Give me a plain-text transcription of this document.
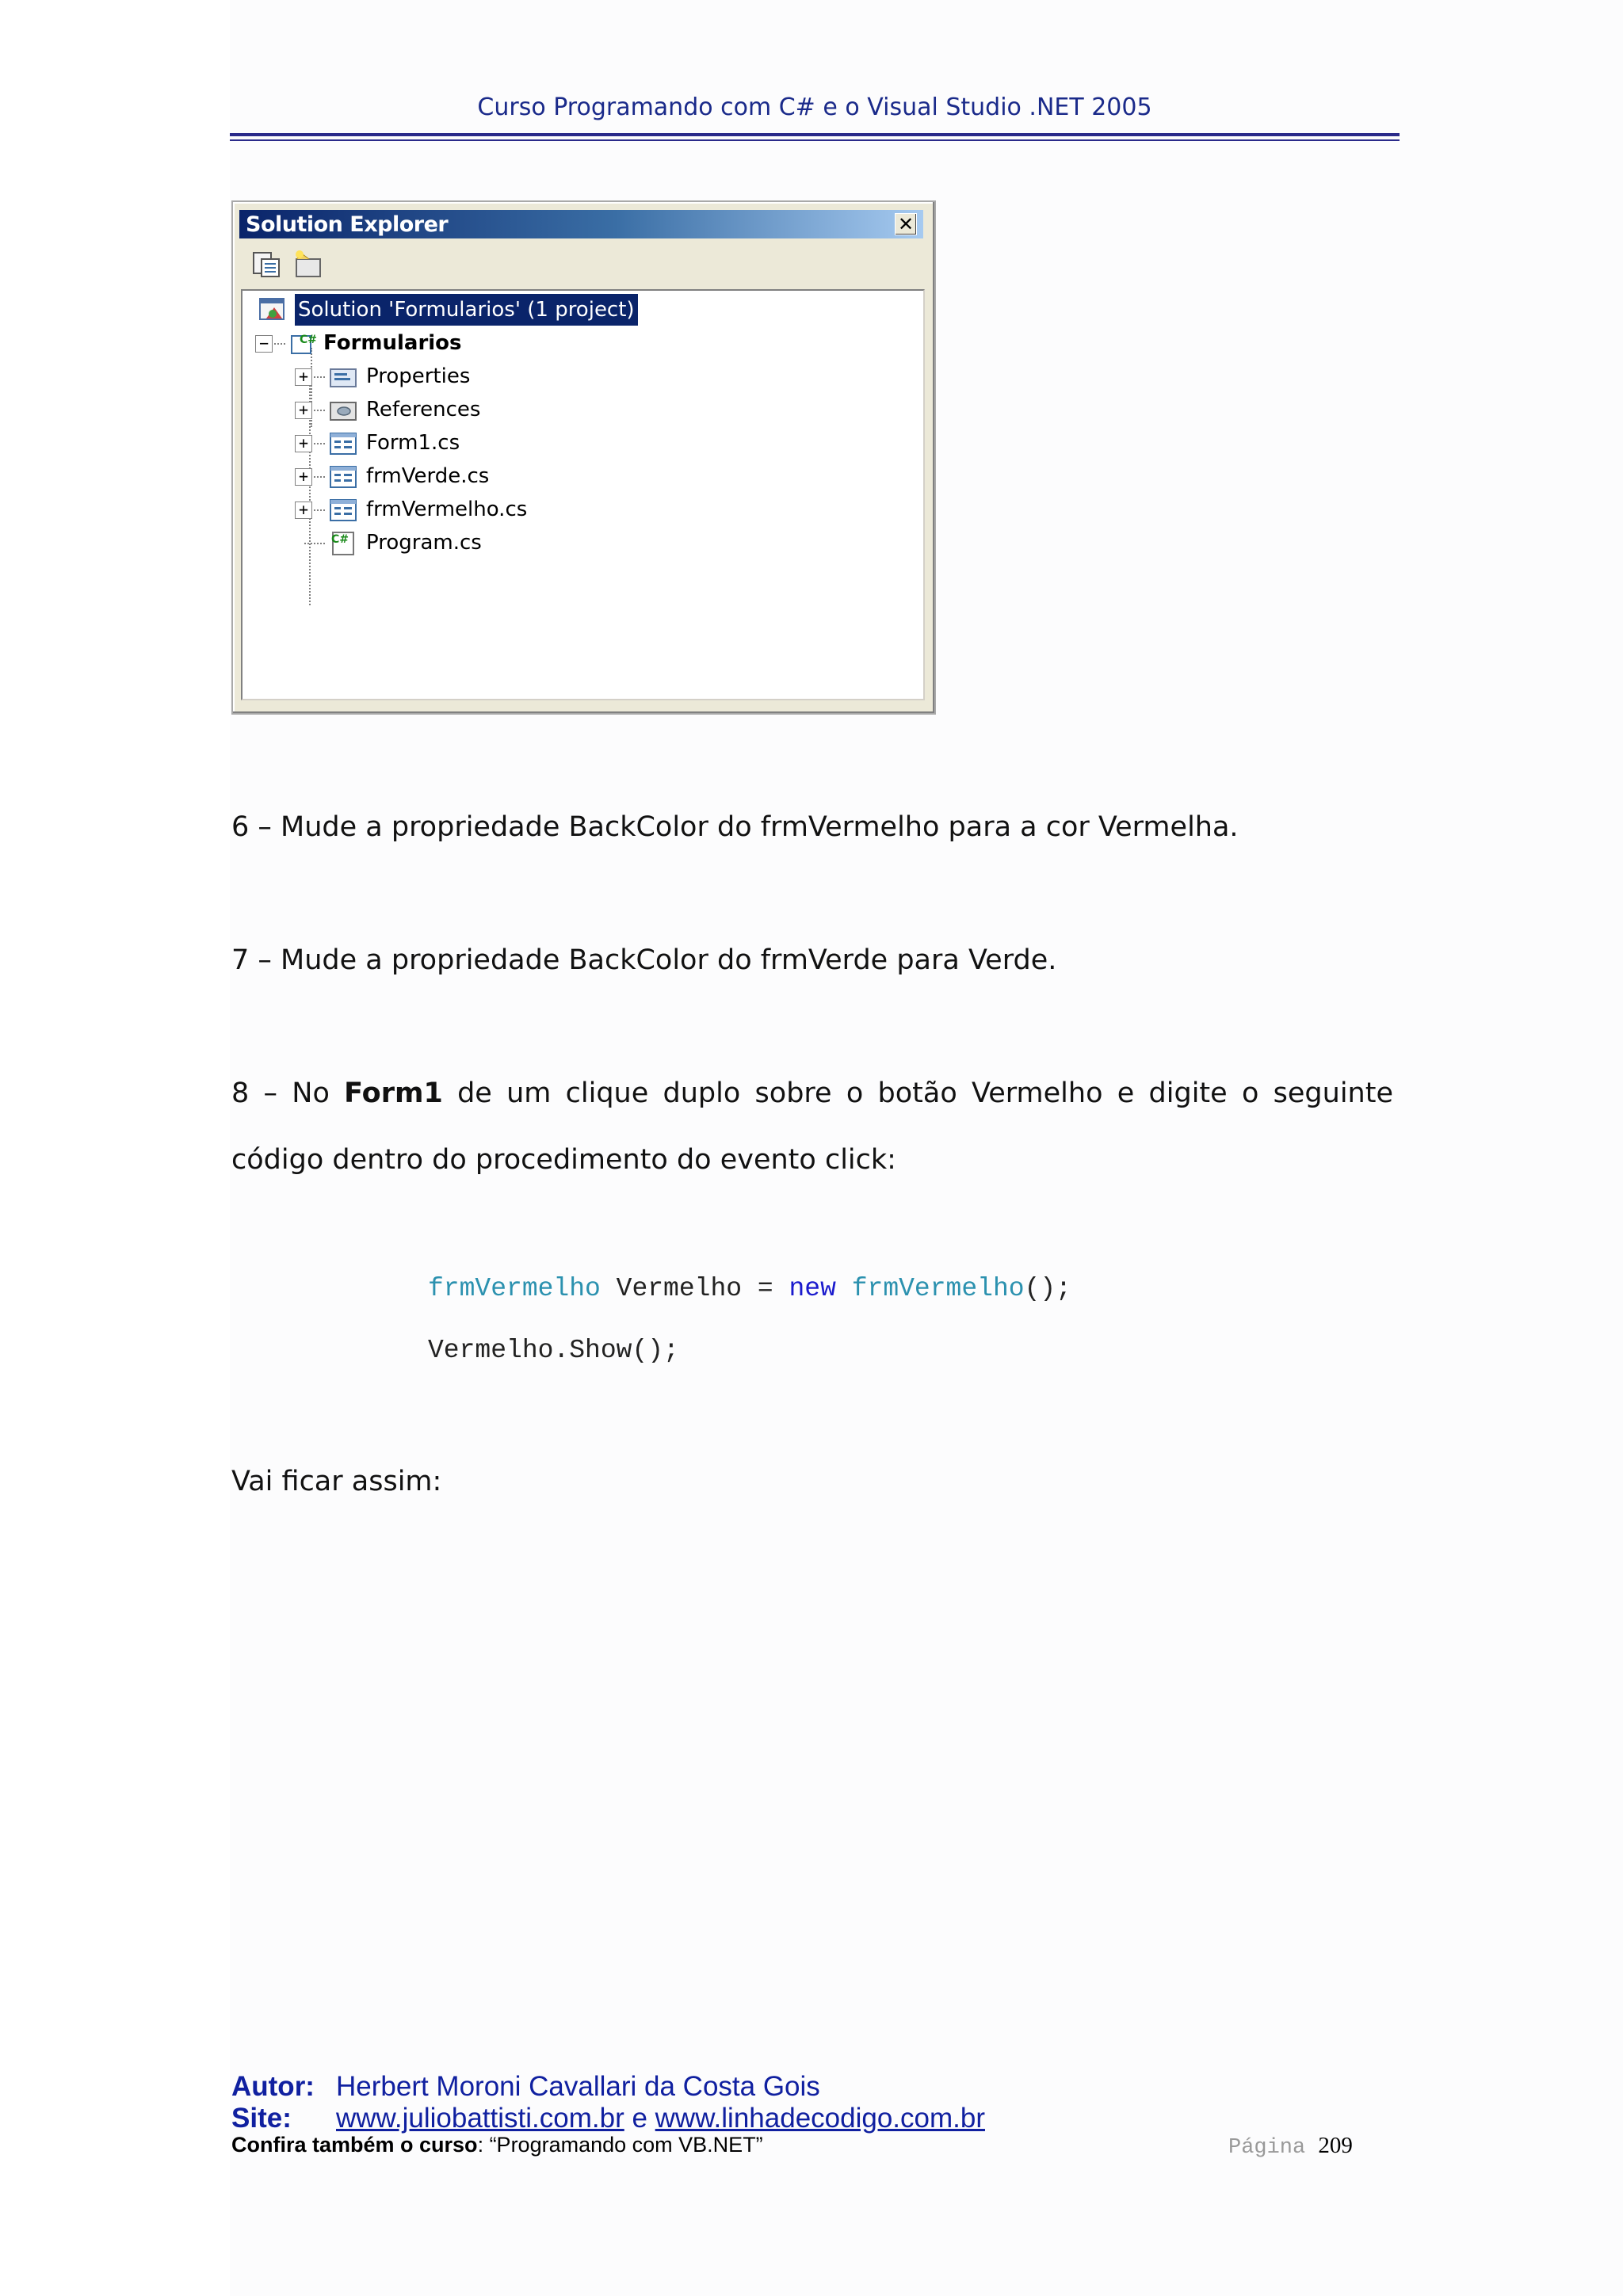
Curso Programando com C# e o Visual Studio .NET 2005
Solution Explorer	✕
Solution 'Formularios' (1 project)
−	C# Formularios
+	Properties
+	References
+	Form1.cs
+	frmVerde.cs
+	frmVermelho.cs
C# Program.cs
6 – Mude a propriedade BackColor do frmVermelho para a cor Vermelha.
7 – Mude a propriedade BackColor do frmVerde para Verde.
8 – No Form1 de um clique duplo sobre o botão Vermelho e digite o seguinte código dentro do procedimento do evento click:
frmVermelho Vermelho = new frmVermelho();
Vermelho.Show();
Vai ficar assim:
Autor: Herbert Moroni Cavallari da Costa Gois
Site: www.juliobattisti.com.br e www.linhadecodigo.com.br
Confira também o curso: “Programando com VB.NET”	Página 209
